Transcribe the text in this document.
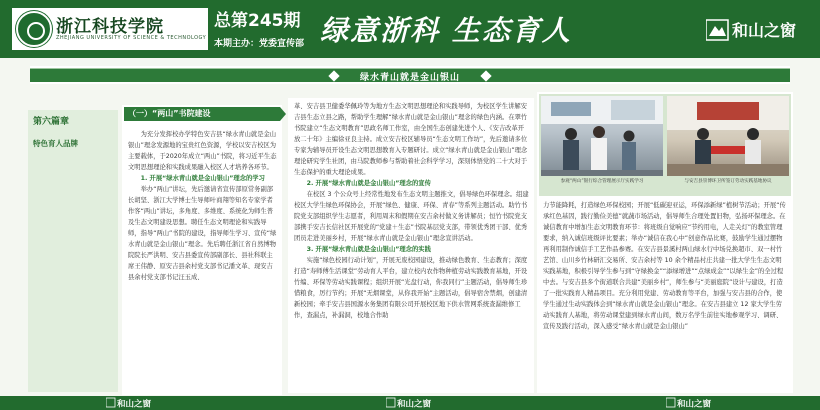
浙江科技学院
ZHEJIANG UNIVERSITY OF SCIENCE & TECHNOLOGY
总第245期
本期主办：党委宣传部 绿意浙科 生态育人	和山之窗
绿水青山就是金山银山
第六篇章
特色育人品牌
（一）“两山”书院建设
为充分发挥校办学特色安吉县“绿水青山就是金山银山”理念发源地的宝贵红色资源，学校以安吉校区为主要载体，于2020年成立“两山”书院，将习近平生态文明思想理论和实践成果融入校区人才培养各环节。
1. 开展“绿水青山就是金山银山”理念的学习
举办“两山”讲坛，先后邀请省宣传部原常务副部长胡坚、浙江大学博士生导师叶商翔等知名专家学者作客“两山”讲坛，多角度、多维度、系统化为师生普及生态文明建设思想。聘任生态文明理论和实践导师，指导“两山”书院的建设，指导师生学习、宣传“绿水青山就是金山银山”理念。先后聘任浙江省自然博物院院长严洪明、安吉县委宣传部副部长、县社科联主席王伟静、原安吉县余村党支部书记潘文革、现安吉县余村党支部书记汪玉成、
革、安吉县卫健委华佩玲等为地方生态文明思想理论和实践导师，为校区学生讲解安吉县生态立县之路，帮助学生理解“绿水青山就是金山银山”理念的绿色内涵。在翠竹书院建立“生态文明教育”思政名师工作室，由全国生态创建先进个人、《安吉改革开放二十年》主编徐亚良主持。成立安吉校区辅导员“生态文明工作坊”，先后邀请多位专家为辅导员开设生态文明思想教育入专题研讨。成立“绿水青山就是金山银山”理念理论研究学生社团，由马院教师参与帮助着社会科学学习，深刻体悟党的二十大对于生态保护的重大理论成果。
2. 开展“绿水青山就是金山银山”理念的宣传
在校区 3 个公众号上经常性地发布生态文明主题推文，倡导绿色环保理念。组建校区大学生绿色环保协会，开展“绿色、健康、环保、青春”等系列主题活动。助竹书院党支部组织学生志愿者，利用周末和假期在安吉余村做义务讲解员；恒竹书院党支部携手安吉长信社区开展党的“党建＋生态”书院基层党支部，带领优秀团干部、优秀团员走进美丽乡村，开展“绿水青山就是金山银山”理念宣讲活动。
3. 开展“绿水青山就是金山银山”理念的实践
实施“绿色校园行动计划”，开展无废校园建设，推动绿色教育、生态教育；深度打造“寿师傅生活课堂”劳动育人平台，建立校内农作物种植劳动实践教育基地，开设竹编、环保等劳动实践课程；组织开展“光盘行动，你我同行”主题活动，倡导师生珍惜粮食，厉行节约；开展“无烟课堂，从你我开始”主题活动，倡导宿舍禁烟，创建清新校园；牵手安吉县国源水务集团有限公司开展校区地下供水管网系统查漏维修工作，查漏点，补漏洞，校地合作助
参观“两山”银行综合管理展示厅实践学习	与安吉县崇博环卫所签订劳动实践基地协议
力节能降耗，打造绿色环保校园；开展“低碳迎亚运，环保添新绿”植树节活动；开展“传承红色基因，践行勤俭美德”就蔬市场活动，倡导师生合理处置旧物，弘扬环保理念。在诚信教育中增加生态文明教育环节：将班级自觉响应“节约用电，人走关灯”的教室管理要求，纳入诚信班级评比要素；举办“诚信在我心中”创意作品比赛，鼓励学生通过摆物再利用制作诚信手工艺作品参赛。在安吉县景溪村两山绿水行中场兑换超市、双一村竹艺馆、山川乡竹林研汇交易所、安吉余村等 10 余个精品村庄共建一批大学生生态文明实践基地，积极引导学生参与到“守绿换金”“添绿增进”“点绿成金”“以绿生金”的全过程中去。与安吉县多个街道联合共建“美丽乡村”，师生参与“美丽庭院”设计与建设，打造了一批实践育人精品项目。充分利用党建、劳动教育等平台，加强与安吉县的合作，使学生通过生动实践体会到“绿水青山就是金山银山”理念。在安吉县建立 12 家大学生劳动实践育人基地，将劳动课堂建到绿水青山间，数万名学生前往实地参观学习、调研、宣传及践行活动，深入感受“绿水青山就是金山银山”
和山之窗	和山之窗	和山之窗
